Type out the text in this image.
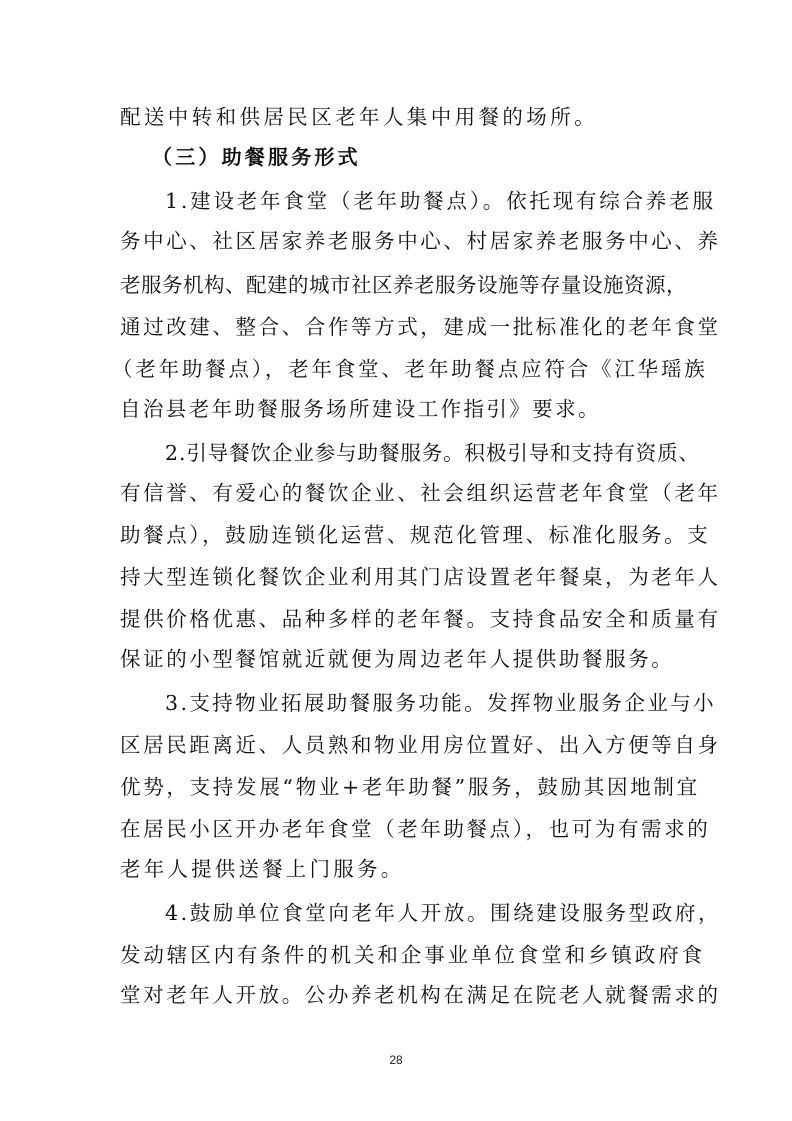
配送中转和供居民区老年人集中用餐的场所。
（三）助餐服务形式
1.建设老年食堂（老年助餐点）。依托现有综合养老服
务中心、社区居家养老服务中心、村居家养老服务中心、养
老服务机构、配建的城市社区养老服务设施等存量设施资源，
通过改建、整合、合作等方式，建成一批标准化的老年食堂
（老年助餐点），老年食堂、老年助餐点应符合《江华瑶族
自治县老年助餐服务场所建设工作指引》要求。
2.引导餐饮企业参与助餐服务。积极引导和支持有资质、
有信誉、有爱心的餐饮企业、社会组织运营老年食堂（老年
助餐点），鼓励连锁化运营、规范化管理、标准化服务。支
持大型连锁化餐饮企业利用其门店设置老年餐桌，为老年人
提供价格优惠、品种多样的老年餐。支持食品安全和质量有
保证的小型餐馆就近就便为周边老年人提供助餐服务。
3.支持物业拓展助餐服务功能。发挥物业服务企业与小
区居民距离近、人员熟和物业用房位置好、出入方便等自身
优势，支持发展“物业+老年助餐”服务，鼓励其因地制宜
在居民小区开办老年食堂（老年助餐点），也可为有需求的
老年人提供送餐上门服务。
4.鼓励单位食堂向老年人开放。围绕建设服务型政府，
发动辖区内有条件的机关和企事业单位食堂和乡镇政府食
堂对老年人开放。公办养老机构在满足在院老人就餐需求的
28
